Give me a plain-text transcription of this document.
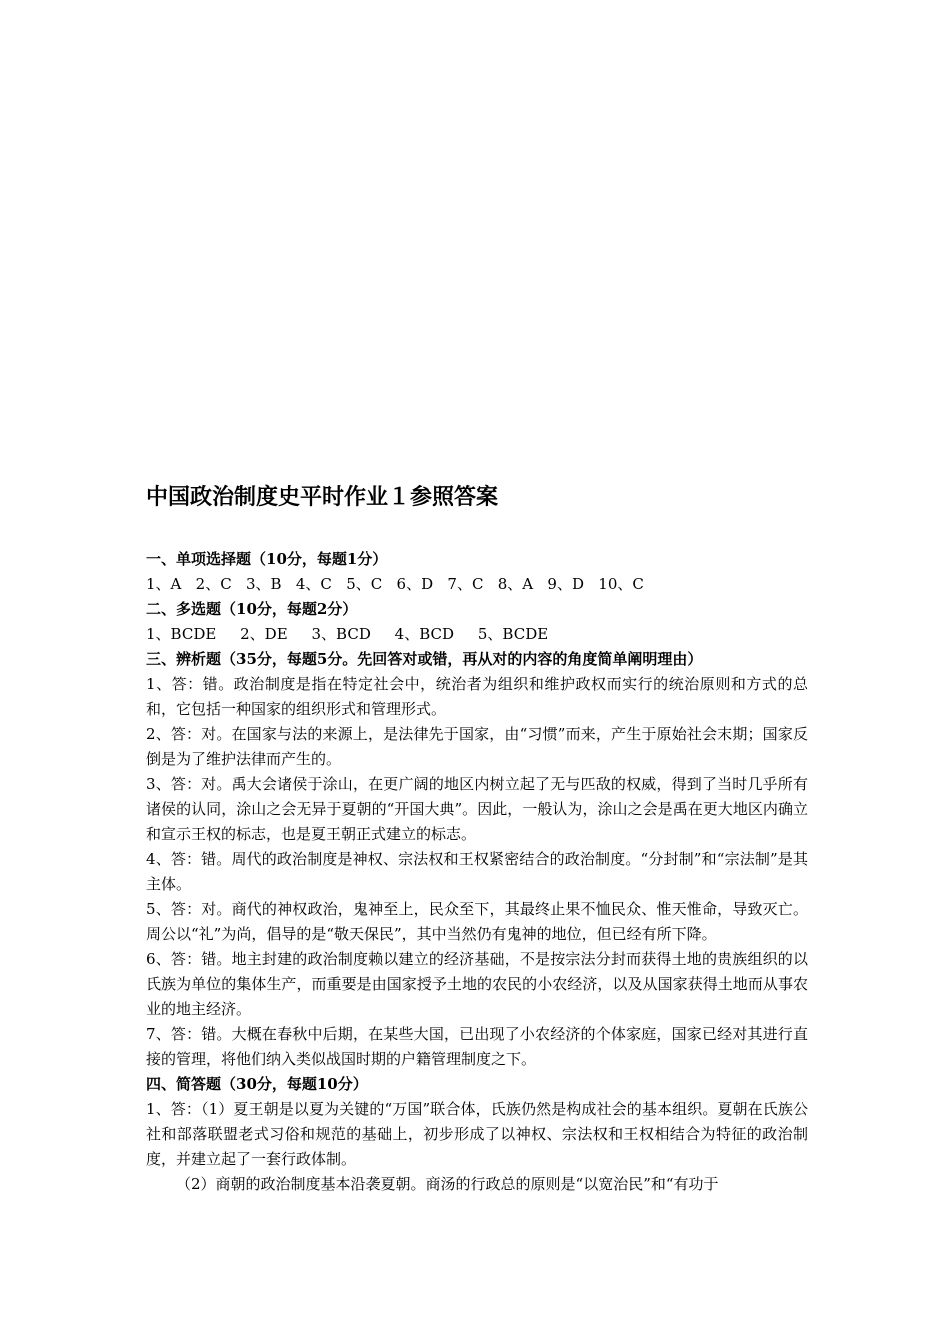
中国政治制度史平时作业１参照答案

一、单项选择题（10分，每题1分）

1、A   2、C   3、B   4、C   5、C   6、D   7、C   8、A   9、D   10、C

二、多选题（10分，每题2分）

1、BCDE     2、DE     3、BCD     4、BCD     5、BCDE

三、辨析题（35分，每题5分。先回答对或错，再从对的内容的角度简单阐明理由）

1、答：错。政治制度是指在特定社会中，统治者为组织和维护政权而实行的统治原则和方式的总和，它包括一种国家的组织形式和管理形式。

2、答：对。在国家与法的来源上，是法律先于国家，由“习惯”而来，产生于原始社会末期；国家反倒是为了维护法律而产生的。

3、答：对。禹大会诸侯于涂山，在更广阔的地区内树立起了无与匹敌的权威，得到了当时几乎所有诸侯的认同，涂山之会无异于夏朝的“开国大典”。因此，一般认为，涂山之会是禹在更大地区内确立和宣示王权的标志，也是夏王朝正式建立的标志。

4、答：错。周代的政治制度是神权、宗法权和王权紧密结合的政治制度。“分封制”和“宗法制”是其主体。

5、答：对。商代的神权政治，鬼神至上，民众至下，其最终止果不恤民众、惟天惟命，导致灭亡。周公以“礼”为尚，倡导的是“敬天保民”，其中当然仍有鬼神的地位，但已经有所下降。

6、答：错。地主封建的政治制度赖以建立的经济基础，不是按宗法分封而获得土地的贵族组织的以氏族为单位的集体生产，而重要是由国家授予土地的农民的小农经济，以及从国家获得土地而从事农业的地主经济。

7、答：错。大概在春秋中后期，在某些大国，已出现了小农经济的个体家庭，国家已经对其进行直接的管理，将他们纳入类似战国时期的户籍管理制度之下。

四、简答题（30分，每题10分）

1、答：（1）夏王朝是以夏为关键的“万国”联合体，氏族仍然是构成社会的基本组织。夏朝在氏族公社和部落联盟老式习俗和规范的基础上，初步形成了以神权、宗法权和王权相结合为特征的政治制度，并建立起了一套行政体制。

（2）商朝的政治制度基本沿袭夏朝。商汤的行政总的原则是“以宽治民”和“有功于
